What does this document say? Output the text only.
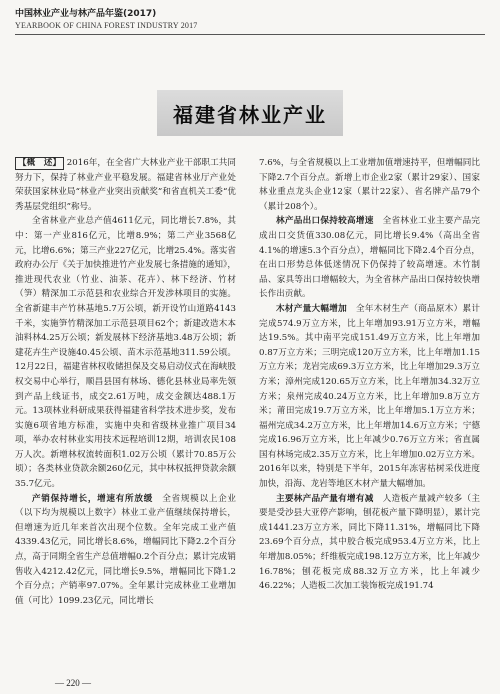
中国林业产业与林产品年鉴(2017)
YEARBOOK OF CHINA FOREST INDUSTRY 2017
福建省林业产业

【概　述】 2016年，在全省广大林业产业干部职工共同努力下，保持了林业产业平稳发展。福建省林业厅产业处荣获国家林业局“林业产业突出贡献奖”和省直机关工委“优秀基层党组织”称号。

全省林业产业总产值4611亿元，同比增长7.8%，其中：第一产业816亿元，比增8.9%；第二产业3568亿元，比增6.6%；第三产业227亿元，比增25.4%。落实省政府办公厅《关于加快推进竹产业发展七条措施的通知》，推进现代农业（竹业、油茶、花卉）、林下经济、竹材（笋）精深加工示范县和农业综合开发涉林项目的实施。全省新建丰产竹林基地5.7万公顷，新开设竹山道路4143千米，实施笋竹精深加工示范县项目62个；新建改造木本油料林4.25万公顷；新发展林下经济基地3.48万公顷；新建花卉生产设施40.45公顷、苗木示范基地311.59公顷。12月22日，福建省林权收储担保及交易启动仪式在海峡股权交易中心举行，顺昌县国有林场、德化县林业局率先领到产品上线证书，成交2.61万吨，成交金额达488.1万元。13项林业科研成果获得福建省科学技术进步奖，发布实施6项省地方标准，实施中央和省级林业推广项目34项，举办农村林业实用技术远程培训12期，培训农民108万人次。新增林权流转面积1.02万公顷（累计70.85万公顷）；各类林业贷款余额260亿元，其中林权抵押贷款余额35.7亿元。

产销保持增长，增速有所放缓　 全省规模以上企业（以下均为规模以上数字）林业工业产值继续保持增长，但增速为近几年来首次出现个位数。全年完成工业产值4339.43亿元，同比增长8.6%，增幅同比下降2.2个百分点，高于同期全省生产总值增幅0.2个百分点；累计完成销售收入4212.42亿元，同比增长9.5%，增幅同比下降1.2个百分点；产销率97.07%。全年累计完成林业工业增加值（可比）1099.23亿元，同比增长

7.6%，与全省规模以上工业增加值增速持平，但增幅同比下降2.7个百分点。新增上市企业2家（累计29家）、国家林业重点龙头企业12家（累计22家）、省名牌产品79个（累计208个）。

林产品出口保持较高增速　 全省林业工业主要产品完成出口交货值330.08亿元，同比增长9.4%（高出全省4.1%的增速5.3个百分点），增幅同比下降2.4个百分点，在出口形势总体低迷情况下仍保持了较高增速。木竹制品、家具等出口增幅较大，为全省林产品出口保持较快增长作出贡献。

木材产量大幅增加　 全年木材生产（商品原木）累计完成574.9万立方米，比上年增加93.91万立方米，增幅达19.5%。其中南平完成151.49万立方米，比上年增加0.87万立方米；三明完成120万立方米，比上年增加1.15万立方米；龙岩完成69.3万立方米，比上年增加29.3万立方米；漳州完成120.65万立方米，比上年增加34.32万立方米；泉州完成40.24万立方米，比上年增加9.8万立方米；莆田完成19.7万立方米，比上年增加5.1万立方米；福州完成34.2万立方米，比上年增加14.6万立方米；宁德完成16.96万立方米，比上年减少0.76万立方米；省直属国有林场完成2.35万立方米，比上年增加0.02万立方米。2016年以来，特别是下半年，2015年冻害枯树采伐进度加快，沿海、龙岩等地区木材产量大幅增加。

主要林产品产量有增有减　 人造板产量减产较多（主要是受沙县大亚停产影响，刨花板产量下降明显），累计完成1441.23万立方米，同比下降11.31%，增幅同比下降23.69个百分点，其中胶合板完成953.4万立方米，比上年增加8.05%；纤维板完成198.12万立方米，比上年减少16.78%；刨花板完成88.32万立方米，比上年减少46.22%；人造板二次加工装饰板完成191.74

— 220 —
